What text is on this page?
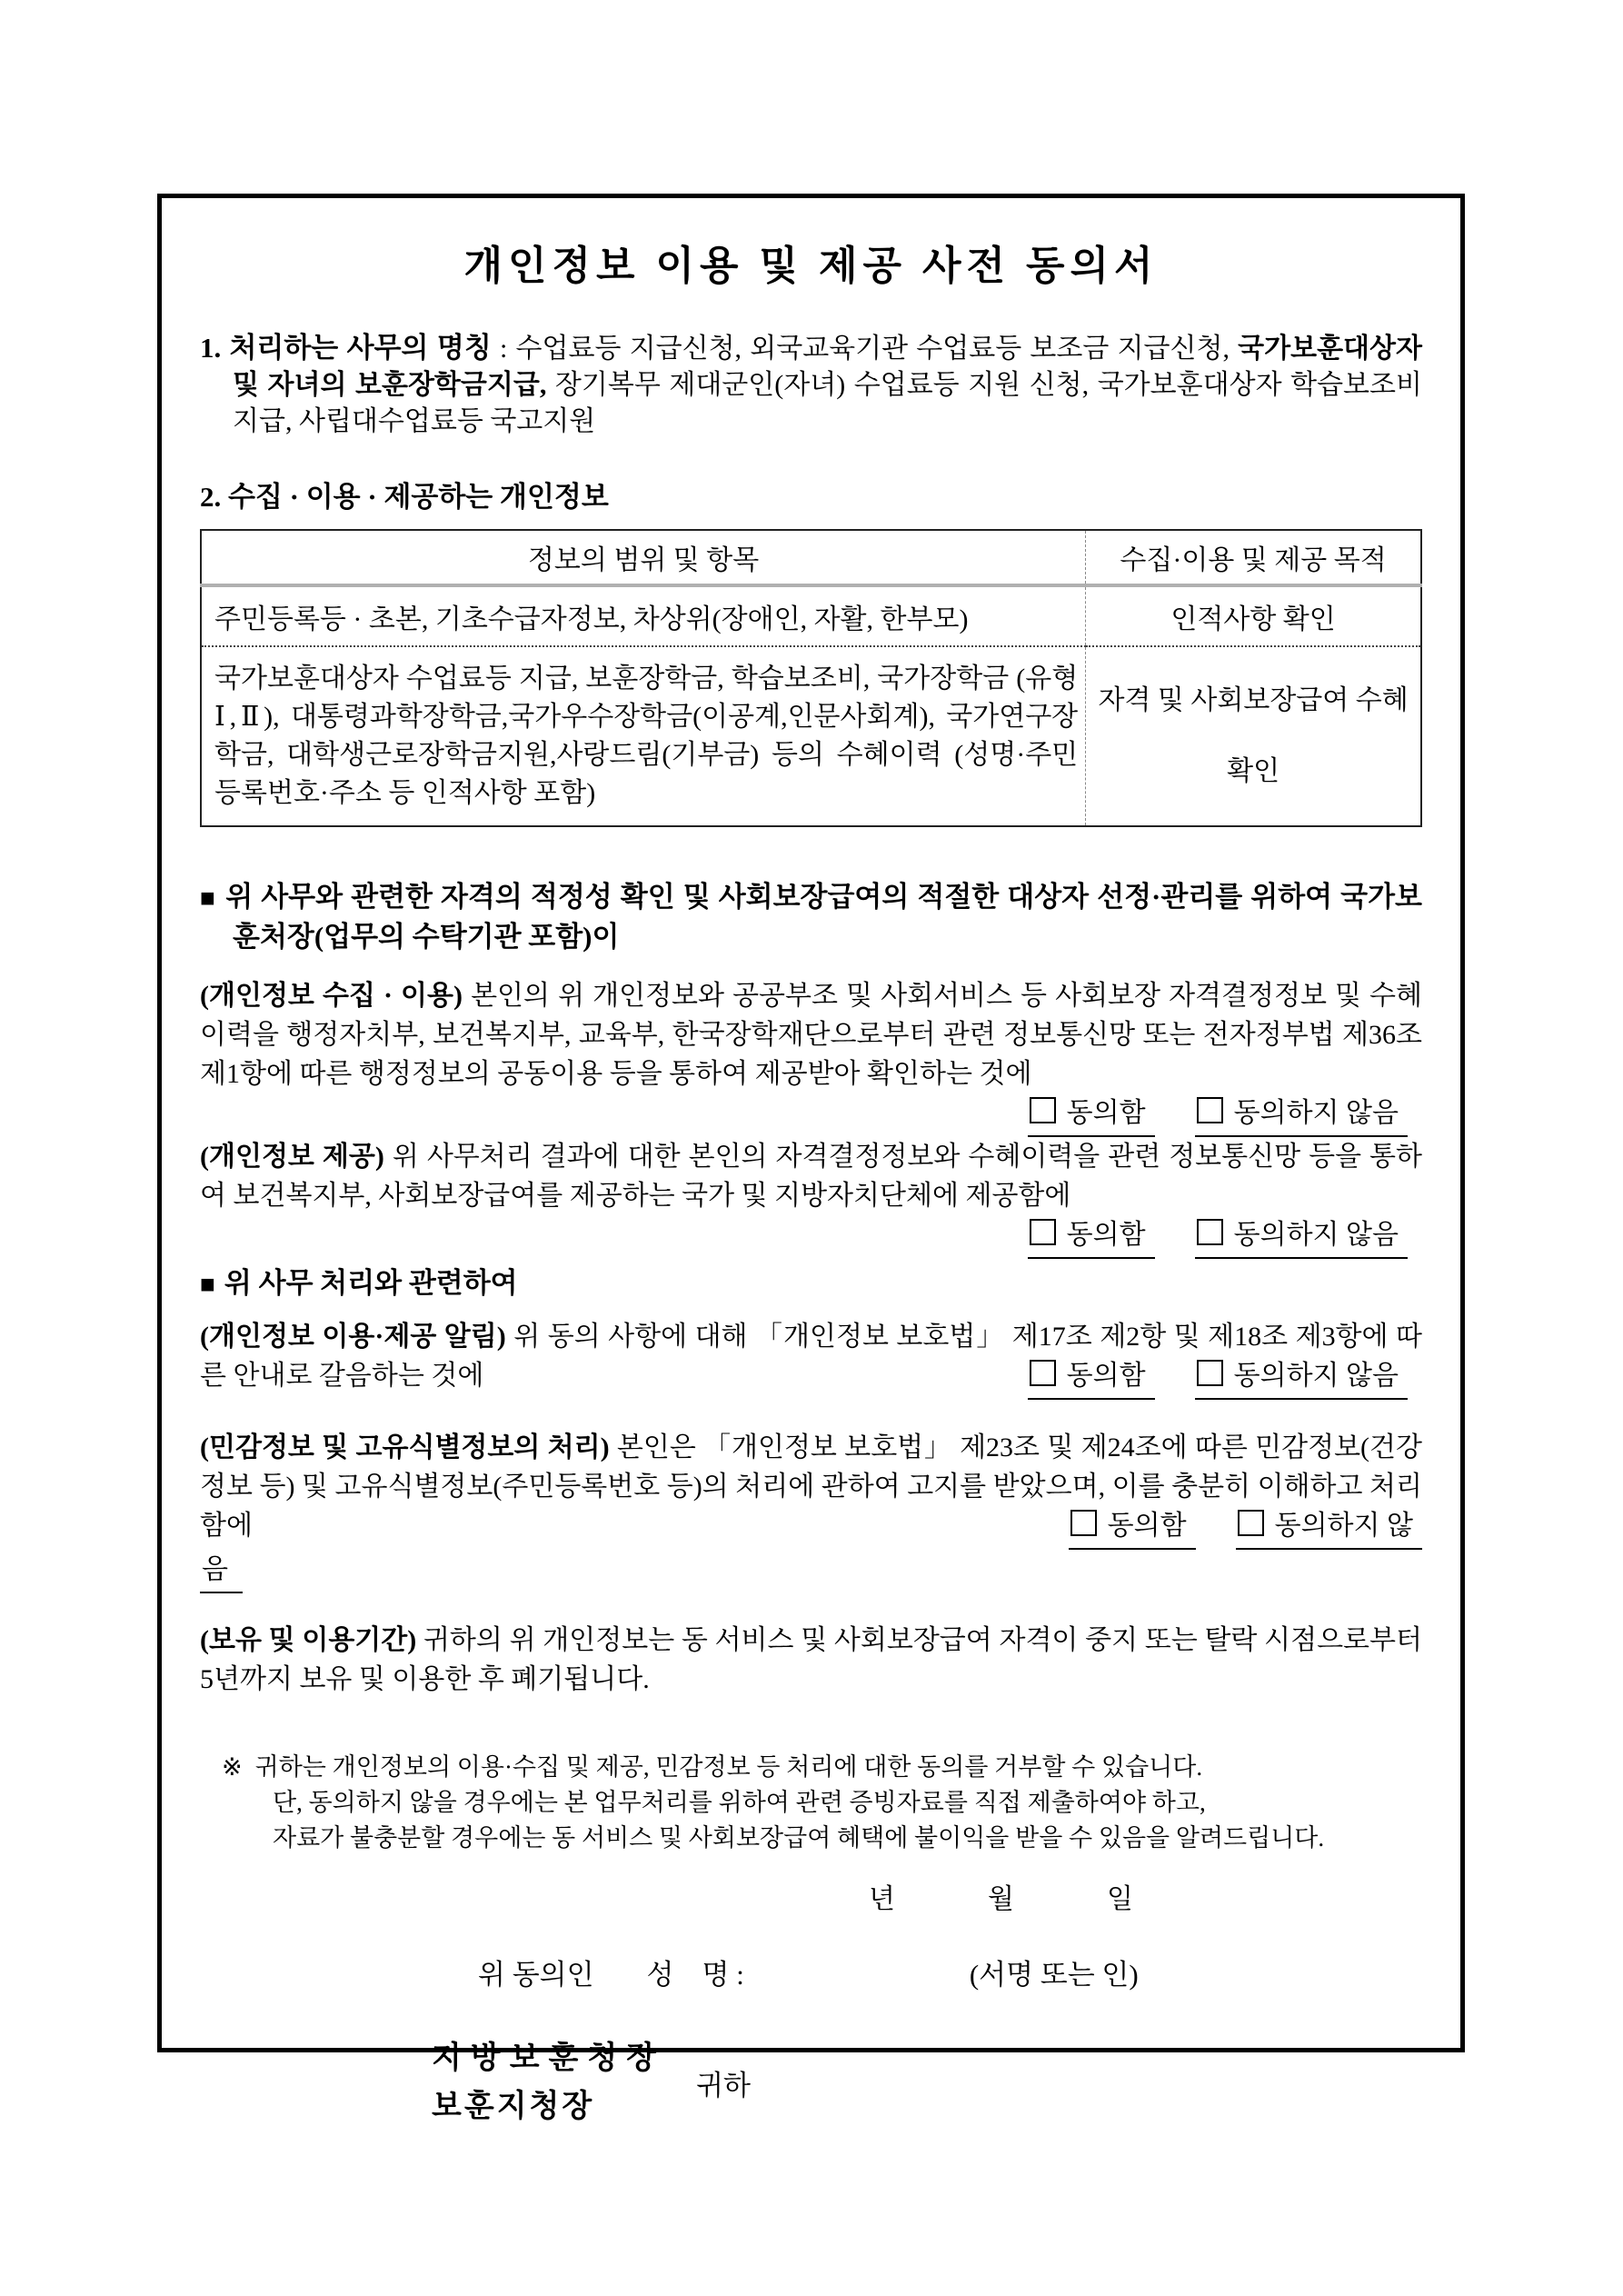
개인정보 이용 및 제공 사전 동의서

1. 처리하는 사무의 명칭 : 수업료등 지급신청, 외국교육기관 수업료등 보조금 지급신청, 국가보훈대상자 및 자녀의 보훈장학금지급, 장기복무 제대군인(자녀) 수업료등 지원 신청, 국가보훈대상자 학습보조비 지급, 사립대수업료등 국고지원

2. 수집 · 이용 · 제공하는 개인정보

정보의 범위 및 항목	수집·이용 및 제공 목적
주민등록등 · 초본, 기초수급자정보, 차상위(장애인, 자활, 한부모)	인적사항 확인
국가보훈대상자 수업료등 지급, 보훈장학금, 학습보조비, 국가장학금 (유형Ⅰ,Ⅱ), 대통령과학장학금,국가우수장학금(이공계,인문사회계), 국가연구장학금, 대학생근로장학금지원,사랑드림(기부금) 등의 수혜이력 (성명·주민등록번호·주소 등 인적사항 포함)	자격 및 사회보장급여 수혜 확인

■ 위 사무와 관련한 자격의 적정성 확인 및 사회보장급여의 적절한 대상자 선정·관리를 위하여 국가보훈처장(업무의 수탁기관 포함)이

(개인정보 수집 · 이용) 본인의 위 개인정보와 공공부조 및 사회서비스 등 사회보장 자격결정정보 및 수혜이력을 행정자치부, 보건복지부, 교육부, 한국장학재단으로부터 관련 정보통신망 또는 전자정부법 제36조 제1항에 따른 행정정보의 공동이용 등을 통하여 제공받아 확인하는 것에
동의함	동의하지 않음

(개인정보 제공) 위 사무처리 결과에 대한 본인의 자격결정정보와 수혜이력을 관련 정보통신망 등을 통하여 보건복지부, 사회보장급여를 제공하는 국가 및 지방자치단체에 제공함에
동의함	동의하지 않음

■ 위 사무 처리와 관련하여

(개인정보 이용·제공 알림) 위 동의 사항에 대해 「개인정보 보호법」 제17조 제2항 및 제18조 제3항에 따른 안내로 갈음하는 것에	동의함	동의하지 않음

(민감정보 및 고유식별정보의 처리) 본인은 「개인정보 보호법」 제23조 및 제24조에 따른 민감정보(건강정보 등) 및 고유식별정보(주민등록번호 등)의 처리에 관하여 고지를 받았으며, 이를 충분히 이해하고 처리함에	동의함	동의하지 않

음

(보유 및 이용기간) 귀하의 위 개인정보는 동 서비스 및 사회보장급여 자격이 중지 또는 탈락 시점으로부터 5년까지 보유 및 이용한 후 폐기됩니다.

※ 귀하는 개인정보의 이용·수집 및 제공, 민감정보 등 처리에 대한 동의를 거부할 수 있습니다.
단, 동의하지 않을 경우에는 본 업무처리를 위하여 관련 증빙자료를 직접 제출하여야 하고,
자료가 불충분할 경우에는 동 서비스 및 사회보장급여 혜택에 불이익을 받을 수 있음을 알려드립니다.
년	월	일
위 동의인 성    명 :	(서명 또는 인)
지방보훈청장
보훈지청장
귀하
